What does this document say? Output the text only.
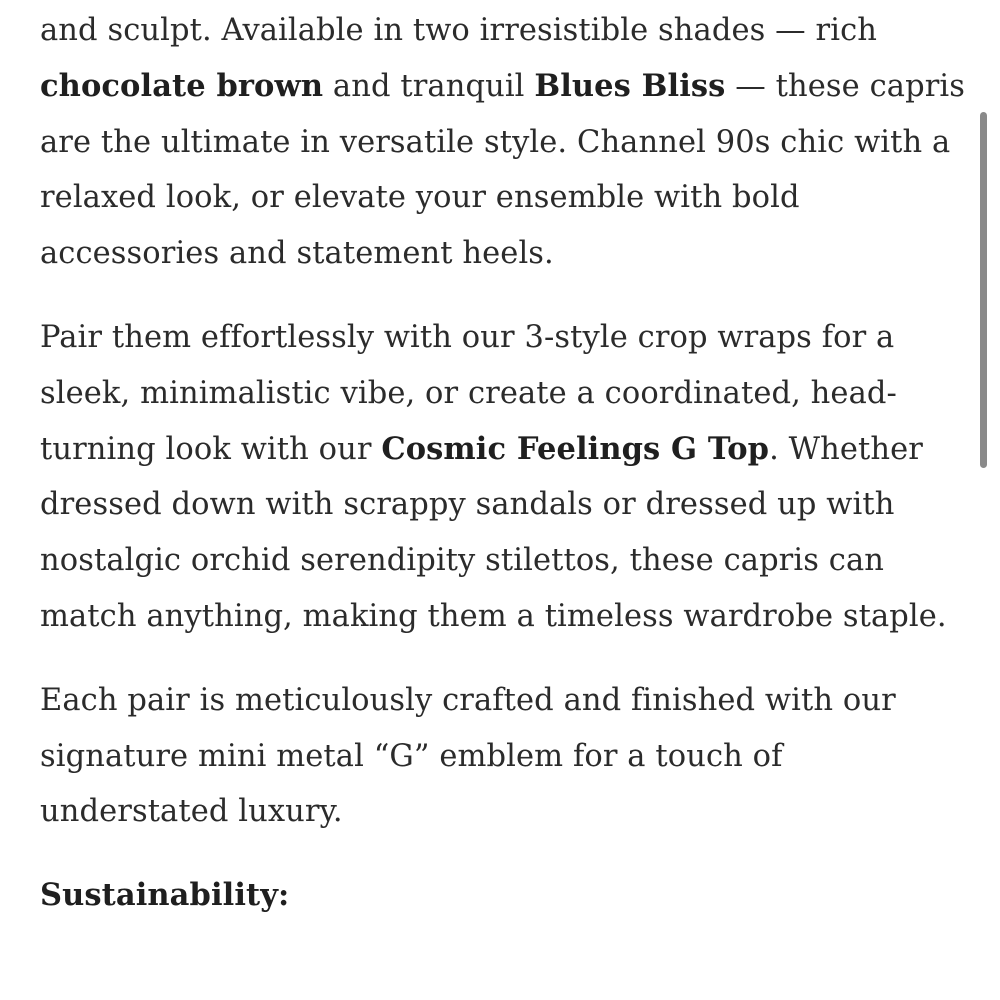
and sculpt. Available in two irresistible shades — rich chocolate brown and tranquil Blues Bliss — these capris are the ultimate in versatile style. Channel 90s chic with a relaxed look, or elevate your ensemble with bold accessories and statement heels.

Pair them effortlessly with our 3-style crop wraps for a sleek, minimalistic vibe, or create a coordinated, head-turning look with our Cosmic Feelings G Top. Whether dressed down with scrappy sandals or dressed up with nostalgic orchid serendipity stilettos, these capris can match anything, making them a timeless wardrobe staple.

Each pair is meticulously crafted and finished with our signature mini metal “G” emblem for a touch of understated luxury.

Sustainability:
